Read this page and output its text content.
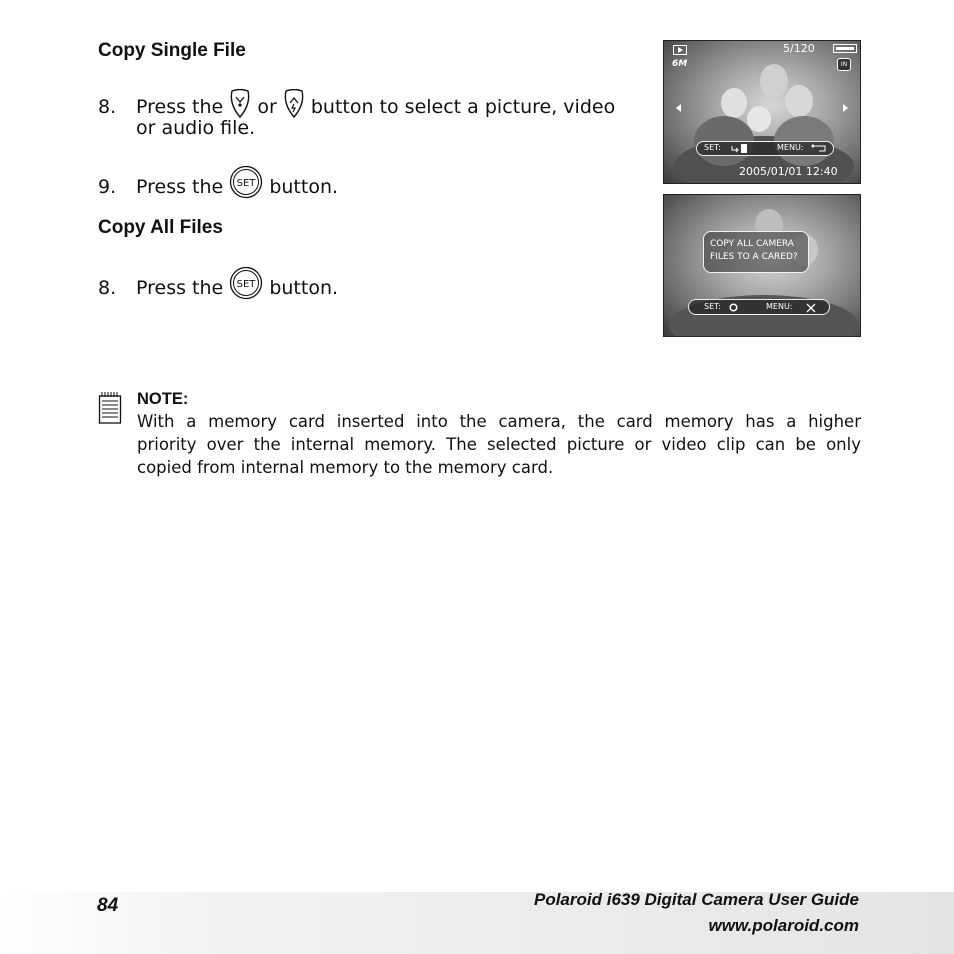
Copy Single File
8. Press the or button to select a picture, video
or audio file.
9. Press the SET button.
Copy All Files
8. Press the SET button.
5/120
6M	IN
SET:	MENU:
2005/01/01 12:40
COPY ALL CAMERA
FILES TO A CARED?
SET:	MENU:
NOTE:
With a memory card inserted into the camera, the card memory has a higher
priority over the internal memory. The selected picture or video clip can be only
copied from internal memory to the memory card.
84	Polaroid i639 Digital Camera User Guide
www.polaroid.com
